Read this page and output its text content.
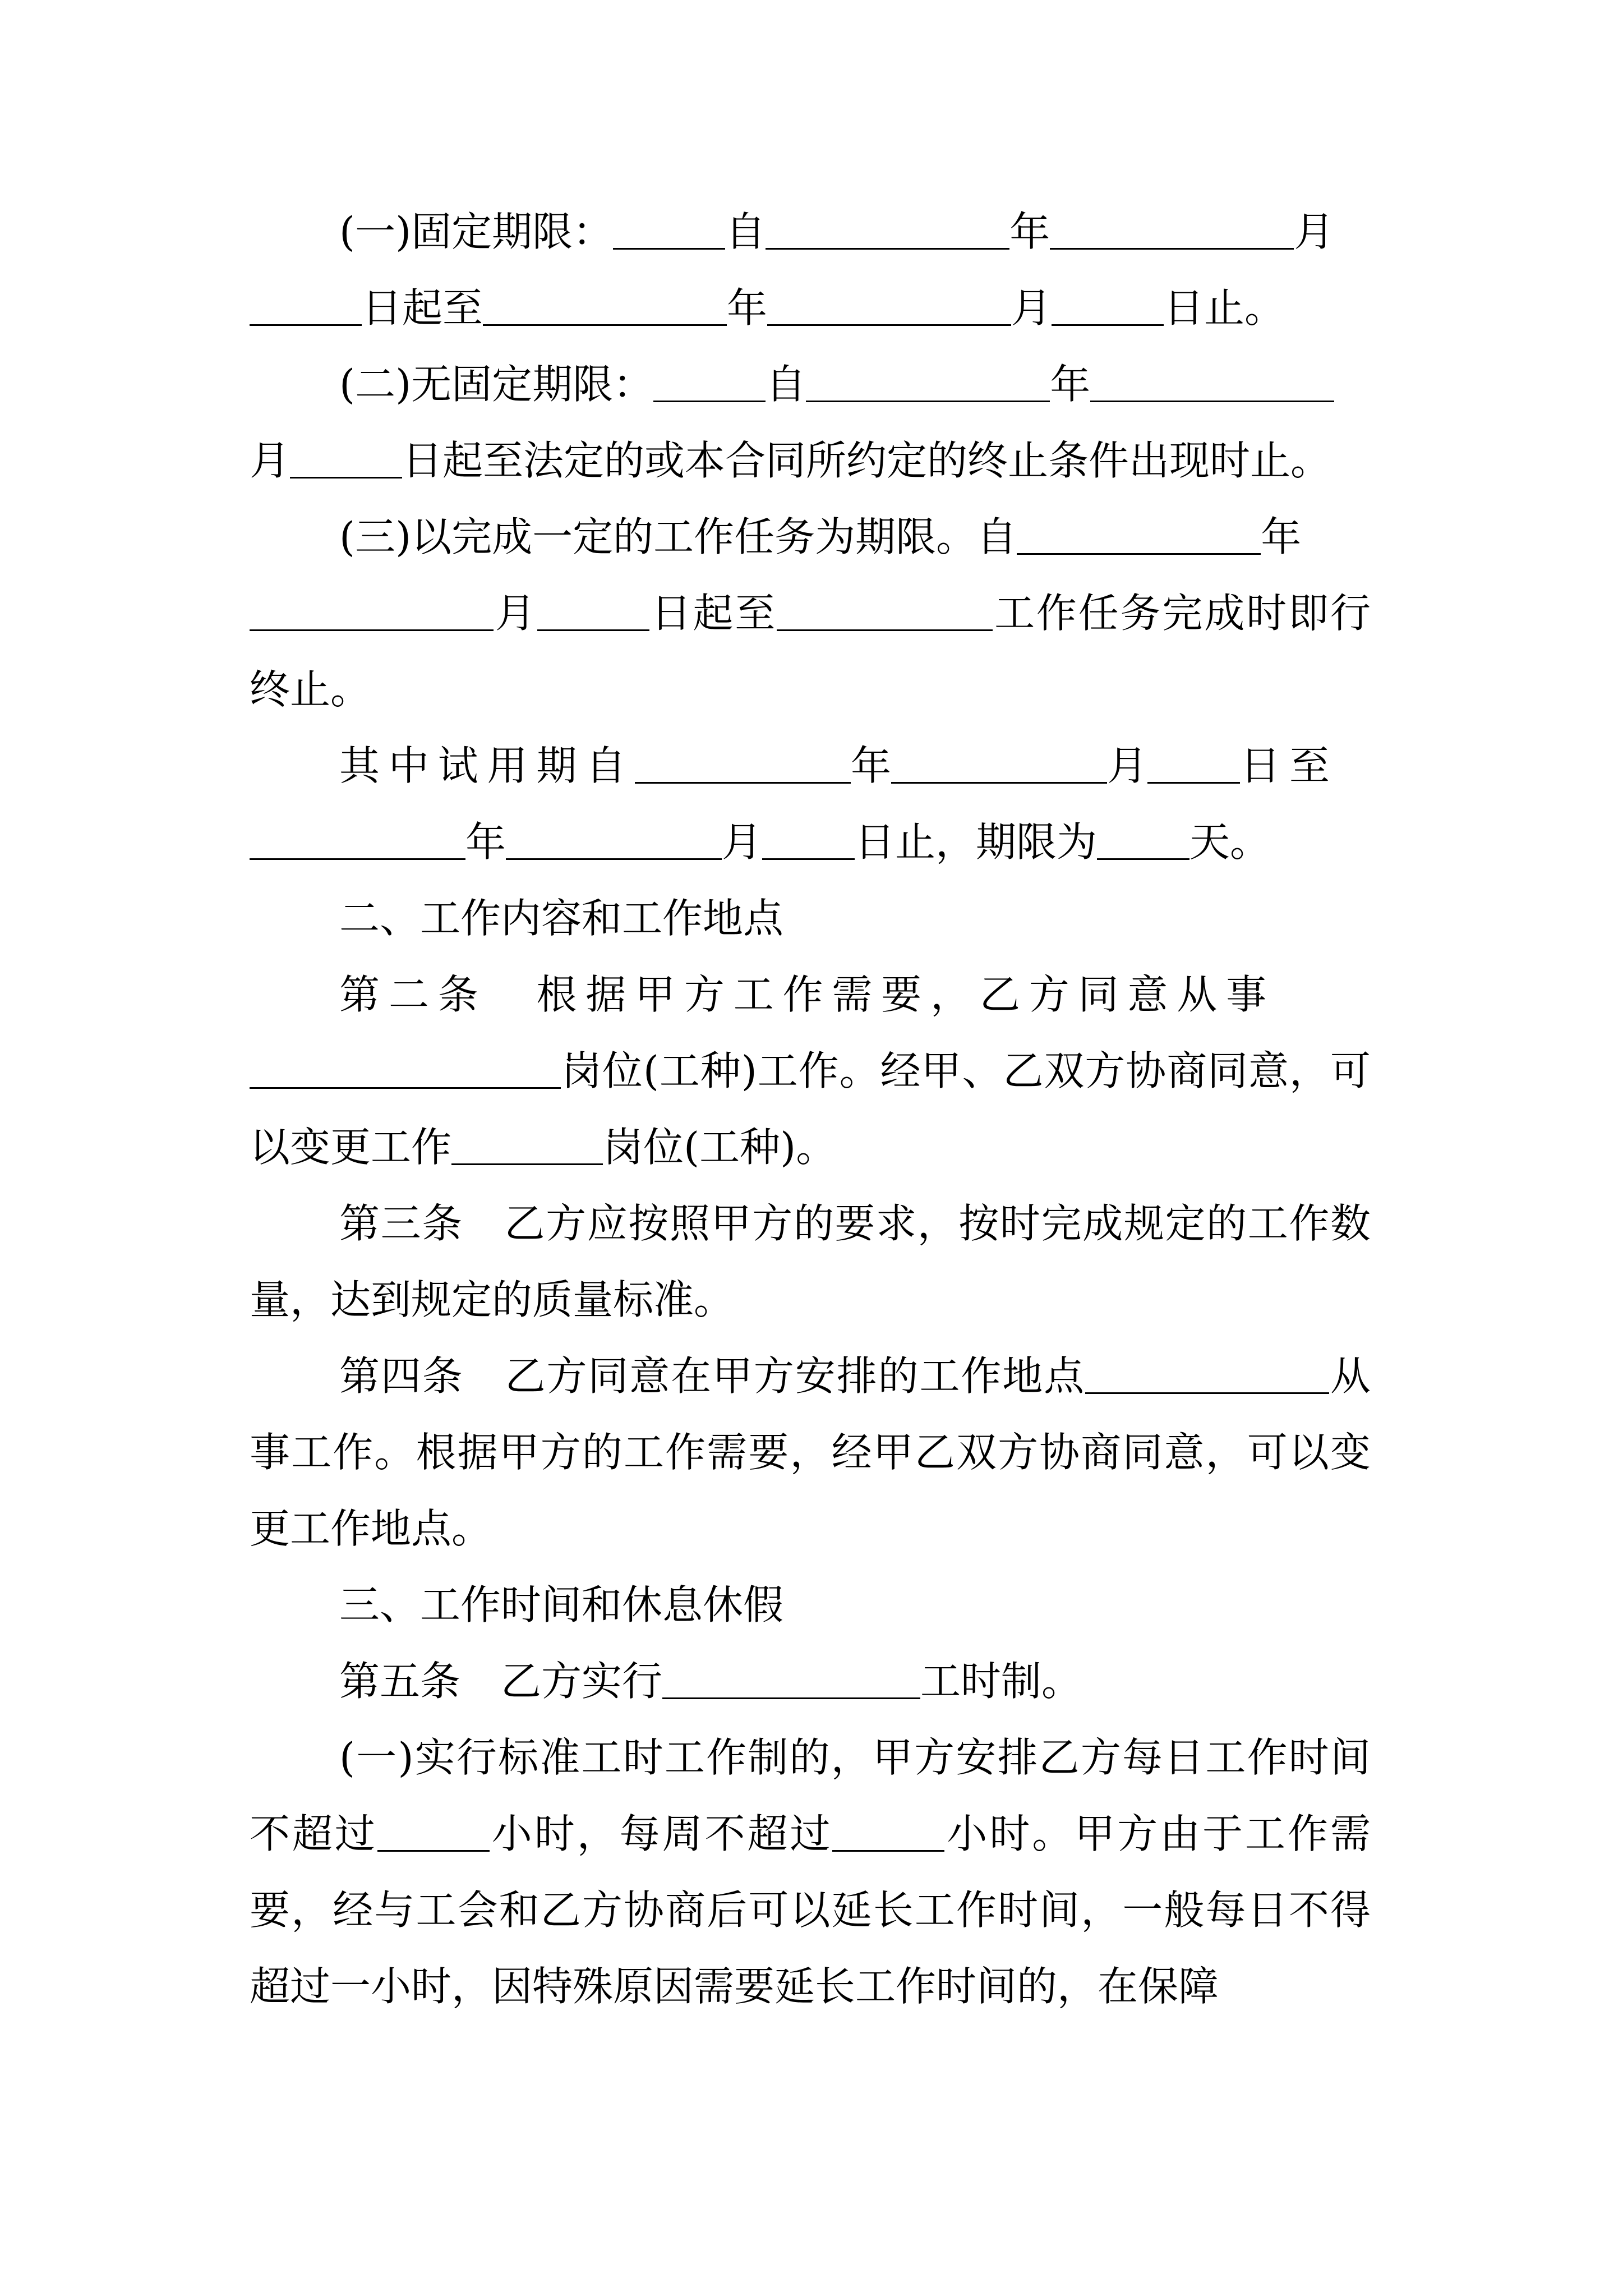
(一)固定期限：	自	年	月
日起至	年	月	日止。

(二)无固定期限：	自	年
月	日起至法定的或本合同所约定的终止条件出现时止。

(三)以完成一定的工作任务为期限。自	年
月	日起至	工作任务完成时即行终止。

其中试用期自	年	月 日至
年	月 日止，期限为 天。

二、工作内容和工作地点

第二条　根据甲方工作需要，乙方同意从事
岗位(工种)工作。经甲、乙双方协商同意，可以变更工作	岗位(工种)。

第三条　乙方应按照甲方的要求，按时完成规定的工作数量，达到规定的质量标准。

第四条　乙方同意在甲方安排的工作地点	从事工作。根据甲方的工作需要，经甲乙双方协商同意，可以变更工作地点。

三、工作时间和休息休假

第五条　乙方实行	工时制。

(一)实行标准工时工作制的，甲方安排乙方每日工作时间不超过	小时，每周不超过	小时。甲方由于工作需要，经与工会和乙方协商后可以延长工作时间，一般每日不得超过一小时，因特殊原因需要延长工作时间的，在保障
